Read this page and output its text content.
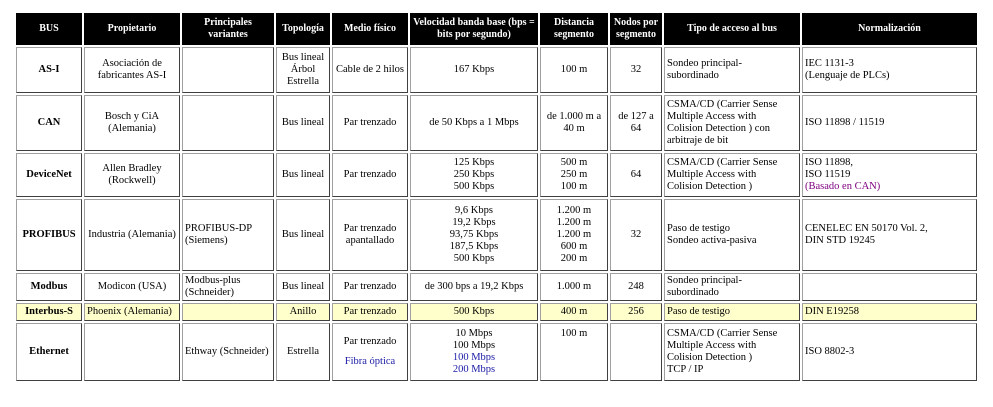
BUS	Propietario	Principales variantes	Topología	Medio físico	Velocidad banda base (bps = bits por segundo)	Distancia segmento	Nodos por segmento	Tipo de acceso al bus	Normalización
AS-I	Asociación de fabricantes AS-I		Bus lineal
Árbol
Estrella	Cable de 2 hilos	167 Kbps	100 m	32	Sondeo principal-
subordinado	IEC 1131-3
(Lenguaje de PLCs)

CAN	Bosch y CiA (Alemania)		Bus lineal	Par trenzado	de 50 Kbps a 1 Mbps	de 1.000 m a 40 m	de 127 a 64	CSMA/CD (Carrier Sense
Multiple Access with
Colision Detection ) con
arbitraje de bit	ISO 11898 / 11519

DeviceNet	Allen Bradley (Rockwell)		Bus lineal	Par trenzado	125 Kbps
250 Kbps
500 Kbps	500 m
250 m
100 m	64	CSMA/CD (Carrier Sense
Multiple Access with
Colision Detection )	ISO 11898,
ISO 11519
(Basado en CAN)

PROFIBUS	Industria (Alemania)	PROFIBUS-DP
(Siemens)	Bus lineal	Par trenzado
apantallado	9,6 Kbps
19,2 Kbps
93,75 Kbps
187,5 Kbps
500 Kbps	1.200 m
1.200 m
1.200 m
600 m
200 m	32	Paso de testigo
Sondeo activa-pasiva	CENELEC EN 50170 Vol. 2,
DIN STD 19245

Modbus	Modicon (USA)	Modbus-plus
(Schneider)	Bus lineal	Par trenzado	de 300 bps a 19,2 Kbps	1.000 m	248	Sondeo principal-
subordinado	

Interbus-S	Phoenix (Alemania)		Anillo	Par trenzado	500 Kbps	400 m	256	Paso de testigo	DIN E19258

Ethernet		Ethway (Schneider)	Estrella	Par trenzado
Fibra óptica	10 Mbps
100 Mbps
100 Mbps
200 Mbps	100 m		CSMA/CD (Carrier Sense
Multiple Access with
Colision Detection )
TCP / IP	ISO 8802-3
